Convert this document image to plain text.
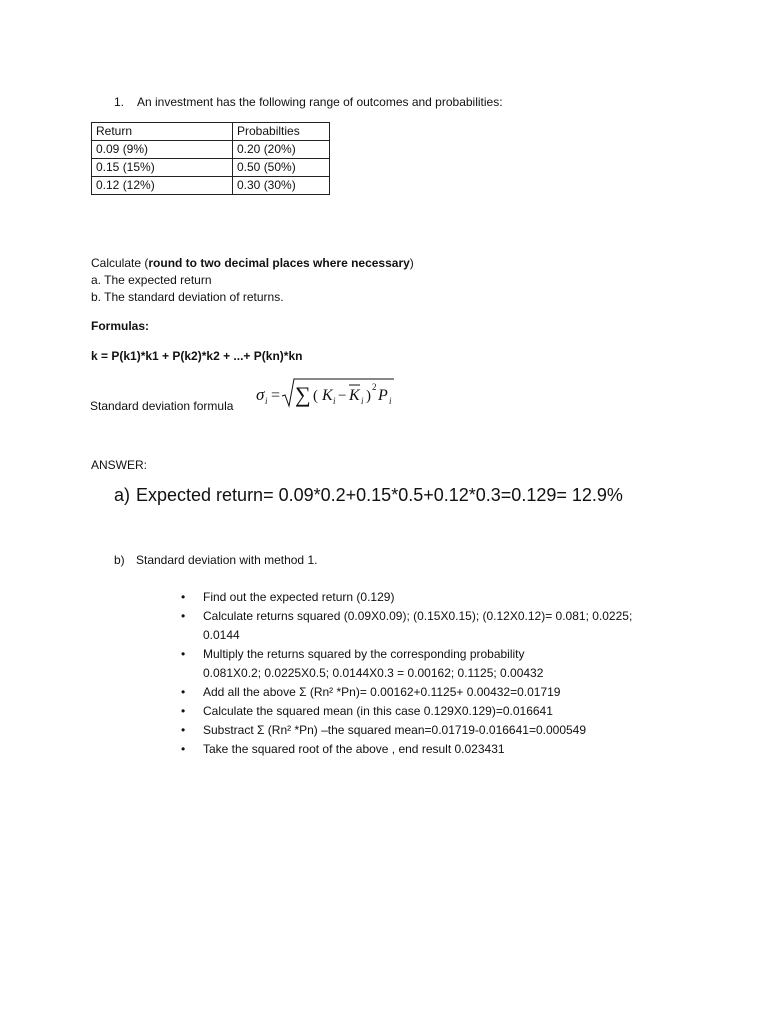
1. An investment has the following range of outcomes and probabilities:
Return	Probabilties
0.09 (9%)	0.20 (20%)
0.15 (15%)	0.50 (50%)
0.12 (12%)	0.30 (30%)
Calculate (round to two decimal places where necessary)
a. The expected return
b. The standard deviation of returns.
Formulas:
k = P(k1)*k1 + P(k2)*k2 + ...+ P(kn)*kn
Standard deviation formula
σ i = ∑ ( K i − K i )
2 P i
ANSWER:
a) Expected return= 0.09*0.2+0.15*0.5+0.12*0.3=0.129= 12.9%
b) Standard deviation with method 1.
• Find out the expected return (0.129)
• Calculate returns squared (0.09X0.09); (0.15X0.15); (0.12X0.12)= 0.081; 0.0225;
0.0144
• Multiply the returns squared by the corresponding probability
0.081X0.2; 0.0225X0.5; 0.0144X0.3 = 0.00162; 0.1125; 0.00432
• Add all the above Σ (Rn² *Pn)= 0.00162+0.1125+ 0.00432=0.01719
• Calculate the squared mean (in this case 0.129X0.129)=0.016641
• Substract Σ (Rn² *Pn) –the squared mean=0.01719-0.016641=0.000549
• Take the squared root of the above , end result 0.023431
